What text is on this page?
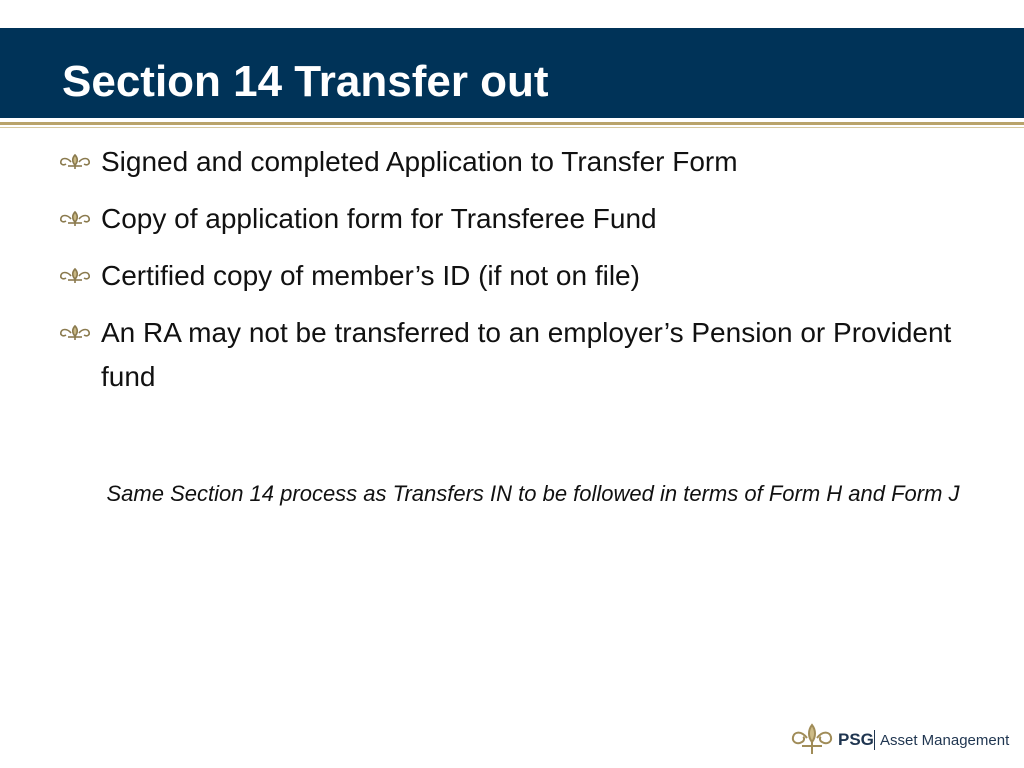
Section 14 Transfer out
Signed and completed Application to Transfer Form
Copy of application form for Transferee Fund
Certified copy of member’s ID (if not on file)
An RA may not be transferred to an employer’s Pension or Provident fund
Same Section 14 process as Transfers IN to be followed in terms of Form H and Form J
PSG Asset Management
